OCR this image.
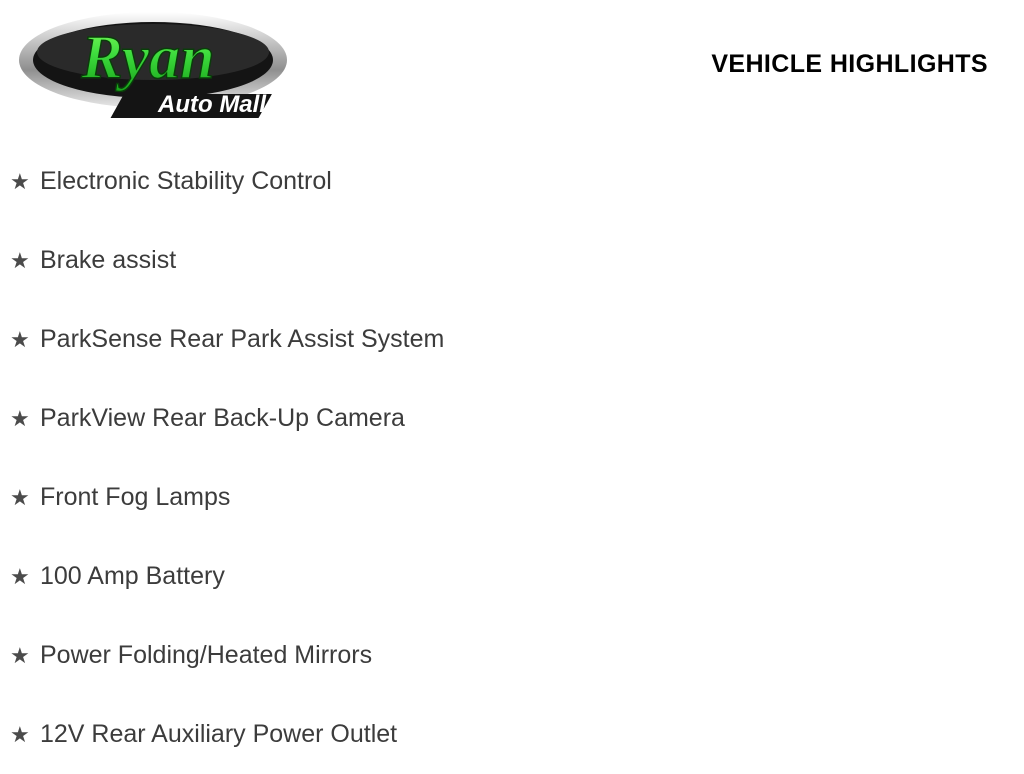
Ryan
Auto Mall
VEHICLE HIGHLIGHTS
★ Electronic Stability Control
★ Brake assist
★ ParkSense Rear Park Assist System
★ ParkView Rear Back-Up Camera
★ Front Fog Lamps
★ 100 Amp Battery
★ Power Folding/Heated Mirrors
★ 12V Rear Auxiliary Power Outlet
